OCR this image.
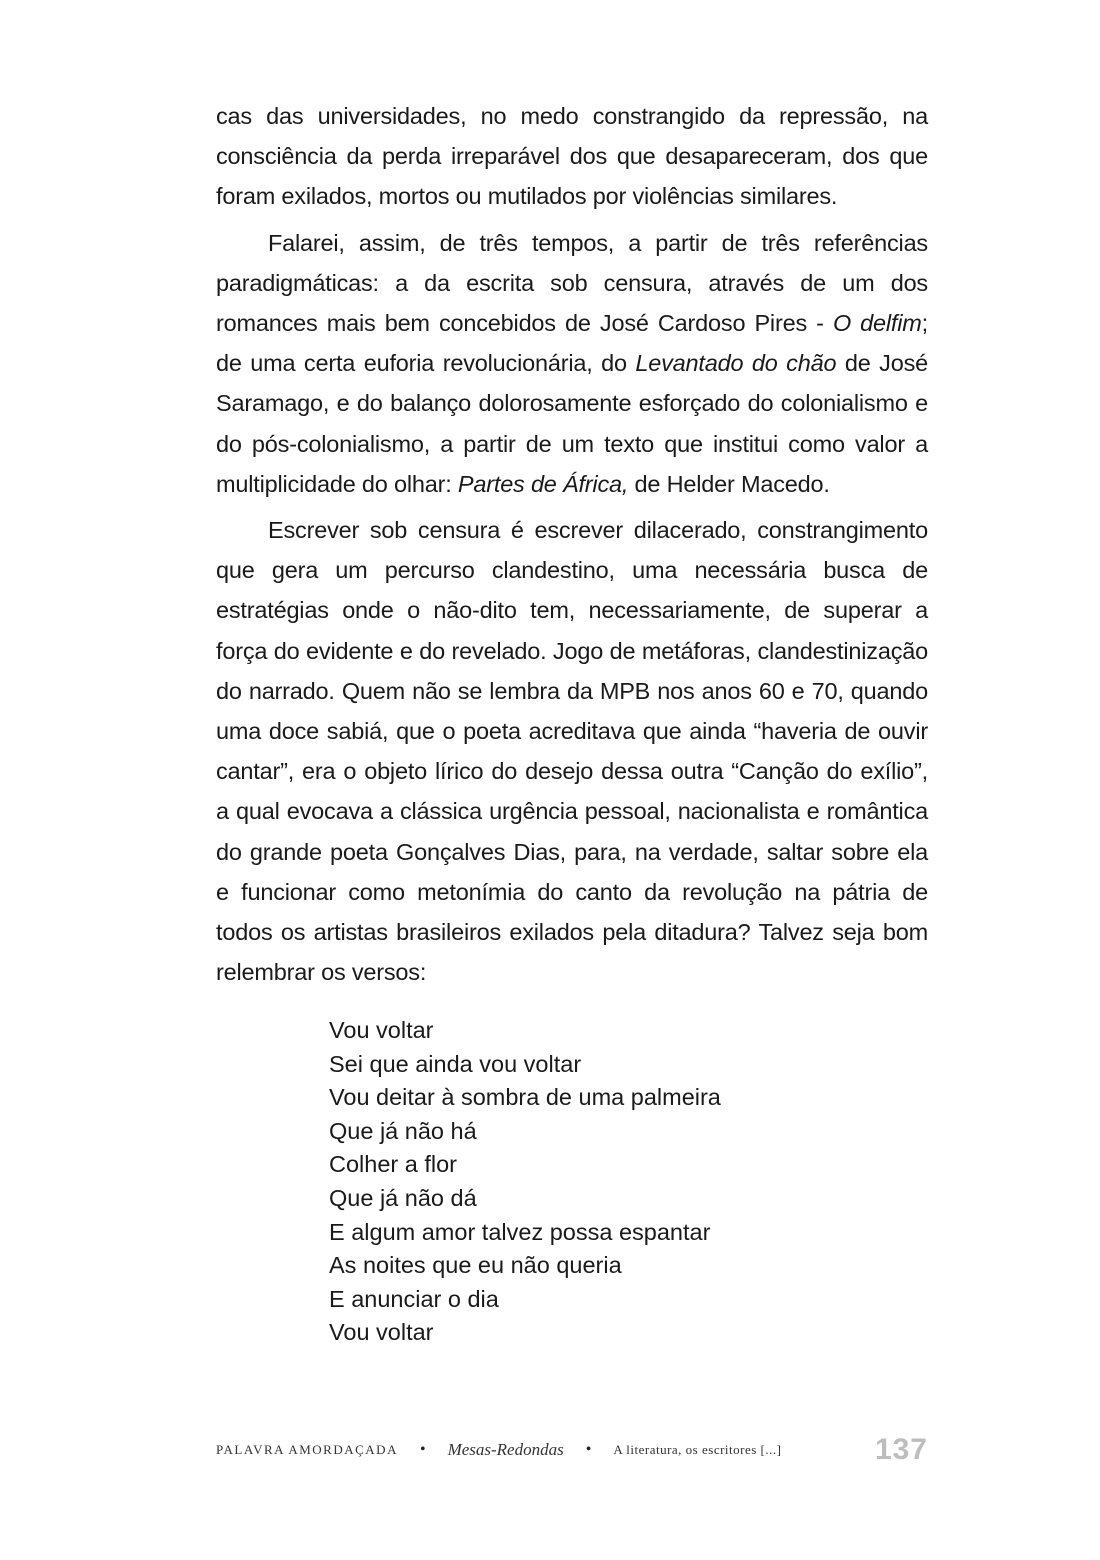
cas das universidades, no medo constrangido da repressão, na consciência da perda irreparável dos que desapareceram, dos que foram exilados, mortos ou mutilados por violências similares.

Falarei, assim, de três tempos, a partir de três referências paradigmáticas: a da escrita sob censura, através de um dos romances mais bem concebidos de José Cardoso Pires - O delfim; de uma certa euforia revolucionária, do Levantado do chão de José Saramago, e do balanço dolorosamente esforçado do colonialismo e do pós-colonialismo, a partir de um texto que institui como valor a multiplicidade do olhar: Partes de África, de Helder Macedo.

Escrever sob censura é escrever dilacerado, constrangimento que gera um percurso clandestino, uma necessária busca de estratégias onde o não-dito tem, necessariamente, de superar a força do evidente e do revelado. Jogo de metáforas, clandestinização do narrado. Quem não se lembra da MPB nos anos 60 e 70, quando uma doce sabiá, que o poeta acreditava que ainda “haveria de ouvir cantar”, era o objeto lírico do desejo dessa outra “Canção do exílio”, a qual evocava a clássica urgência pessoal, nacionalista e romântica do grande poeta Gonçalves Dias, para, na verdade, saltar sobre ela e funcionar como metonímia do canto da revolução na pátria de todos os artistas brasileiros exilados pela ditadura? Talvez seja bom relembrar os versos:

Vou voltar
Sei que ainda vou voltar
Vou deitar à sombra de uma palmeira
Que já não há
Colher a flor
Que já não dá
E algum amor talvez possa espantar
As noites que eu não queria
E anunciar o dia
Vou voltar
PALAVRA AMORDAÇADA • Mesas-Redondas • A literatura, os escritores [...]	137
